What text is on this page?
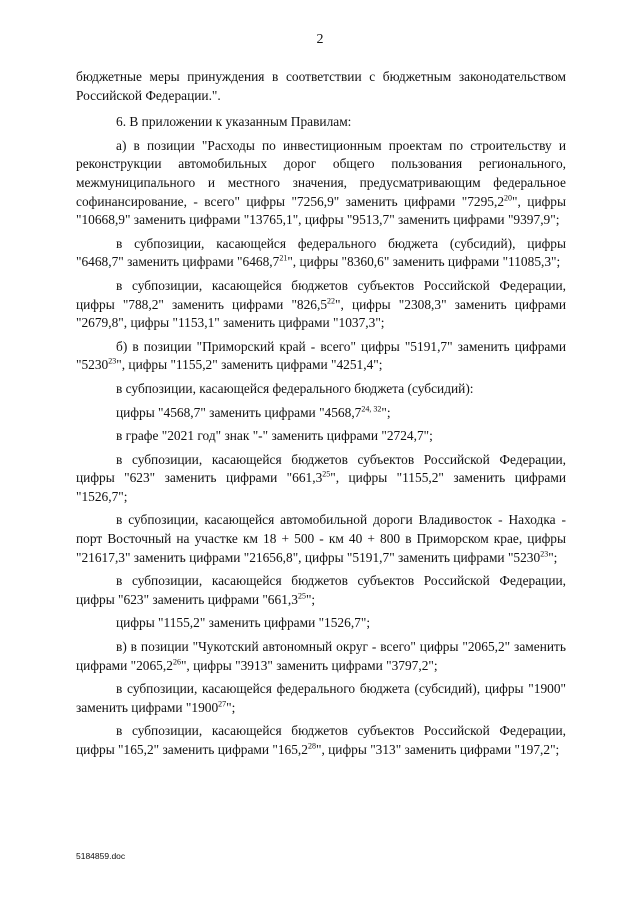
2

бюджетные меры принуждения в соответствии с бюджетным законодательством Российской Федерации.".

6. В приложении к указанным Правилам:

а) в позиции "Расходы по инвестиционным проектам по строительству и реконструкции автомобильных дорог общего пользования регионального, межмуниципального и местного значения, предусматривающим федеральное софинансирование, - всего" цифры "7256,9" заменить цифрами "7295,2$^{20}$", цифры "10668,9" заменить цифрами "13765,1", цифры "9513,7" заменить цифрами "9397,9";

в субпозиции, касающейся федерального бюджета (субсидий), цифры "6468,7" заменить цифрами "6468,7$^{21}$", цифры "8360,6" заменить цифрами "11085,3";

в субпозиции, касающейся бюджетов субъектов Российской Федерации, цифры "788,2" заменить цифрами "826,5$^{22}$", цифры "2308,3" заменить цифрами "2679,8", цифры "1153,1" заменить цифрами "1037,3";

б) в позиции "Приморский край - всего" цифры "5191,7" заменить цифрами "5230$^{23}$", цифры "1155,2" заменить цифрами "4251,4";

в субпозиции, касающейся федерального бюджета (субсидий):

цифры "4568,7" заменить цифрами "4568,7$^{24, 32}$";

в графе "2021 год" знак "-" заменить цифрами "2724,7";

в субпозиции, касающейся бюджетов субъектов Российской Федерации, цифры "623" заменить цифрами "661,3$^{25}$", цифры "1155,2" заменить цифрами "1526,7";

в субпозиции, касающейся автомобильной дороги Владивосток - Находка - порт Восточный на участке км 18 + 500 - км 40 + 800 в Приморском крае, цифры "21617,3" заменить цифрами "21656,8", цифры "5191,7" заменить цифрами "5230$^{23}$";

в субпозиции, касающейся бюджетов субъектов Российской Федерации, цифры "623" заменить цифрами "661,3$^{25}$";

цифры "1155,2" заменить цифрами "1526,7";

в) в позиции "Чукотский автономный округ - всего" цифры "2065,2" заменить цифрами "2065,2$^{26}$", цифры "3913" заменить цифрами "3797,2";

в субпозиции, касающейся федерального бюджета (субсидий), цифры "1900" заменить цифрами "1900$^{27}$";

в субпозиции, касающейся бюджетов субъектов Российской Федерации, цифры "165,2" заменить цифрами "165,2$^{28}$", цифры "313" заменить цифрами "197,2";

5184859.doc
